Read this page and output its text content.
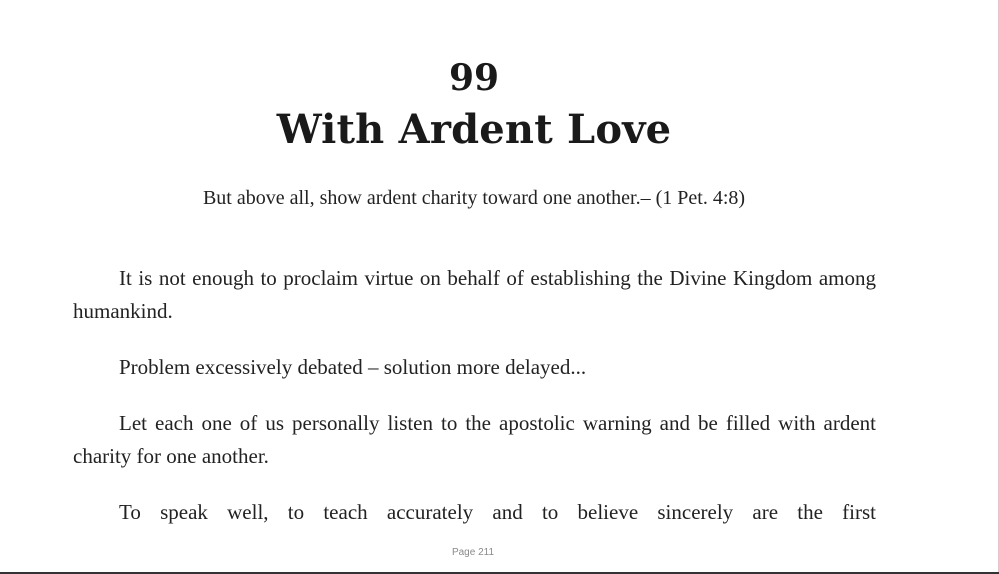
99
With Ardent Love
But above all, show ardent charity toward one another.– (1 Pet. 4:8)

It is not enough to proclaim virtue on behalf of establishing the Divine Kingdom among humankind.

Problem excessively debated – solution more delayed...

Let each one of us personally listen to the apostolic warning and be filled with ardent charity for one another.

To speak well, to teach accurately and to believe sincerely are the first

Page 211
